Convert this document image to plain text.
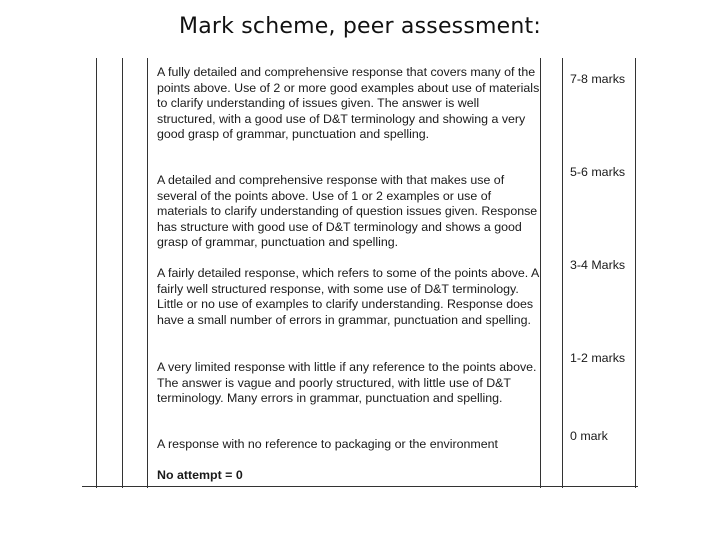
Mark scheme, peer assessment:

A fully detailed and comprehensive response that covers many of the points above. Use of 2 or more good examples about use of materials to clarify understanding of issues given. The answer is well structured, with a good use of D&T terminology and showing a very good grasp of grammar, punctuation and spelling.

7-8 marks

A detailed and comprehensive response with that makes use of several of the points above. Use of 1 or 2 examples or use of materials to clarify understanding of question issues given. Response has structure with good use of D&T terminology and shows a good grasp of grammar, punctuation and spelling.

5-6 marks

A fairly detailed response, which refers to some of the points above. A fairly well structured response, with some use of D&T terminology. Little or no use of examples to clarify understanding. Response does have a small number of errors in grammar, punctuation and spelling.

3-4 Marks

A very limited response with little if any reference to the points above. The answer is vague and poorly structured, with little use of D&T terminology. Many errors in grammar, punctuation and spelling.

1-2 marks

A response with no reference to packaging or the environment

0 mark

No attempt = 0
